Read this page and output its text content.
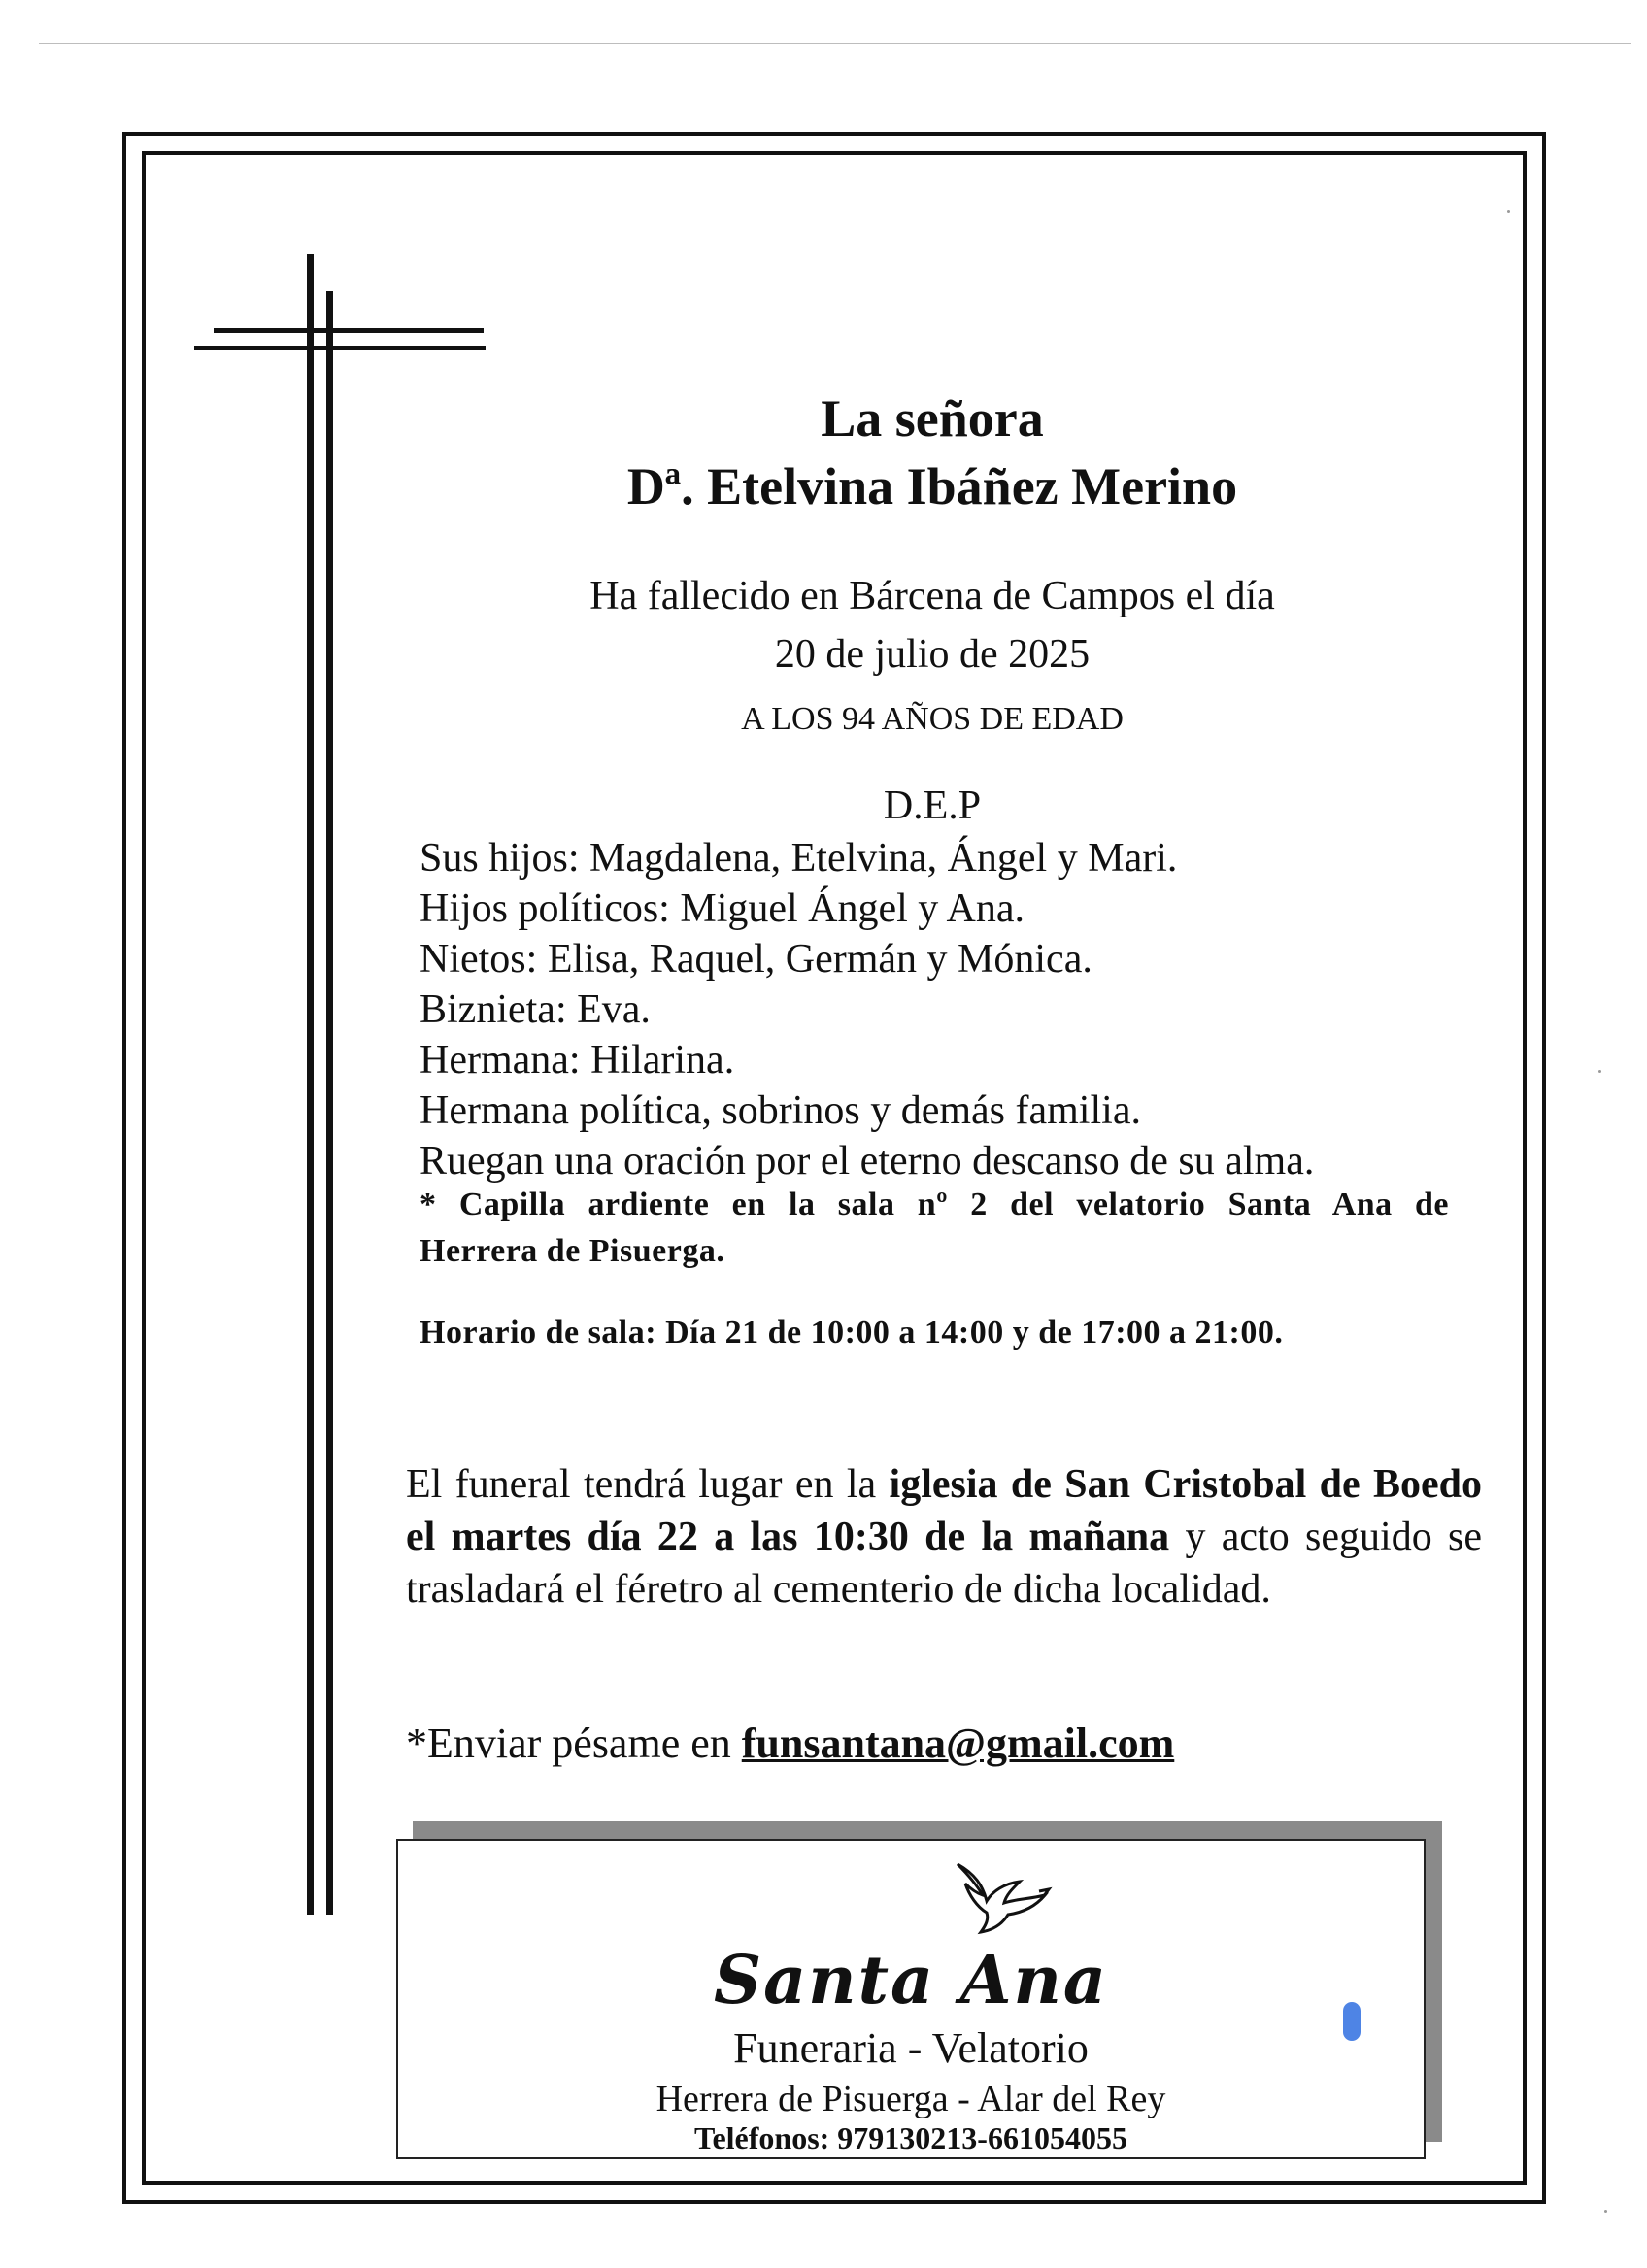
La señora
Dª. Etelvina Ibáñez Merino
Ha fallecido en Bárcena de Campos el día
20 de julio de 2025
A LOS 94 AÑOS DE EDAD
D.E.P
Sus hijos: Magdalena, Etelvina, Ángel y Mari.
Hijos políticos: Miguel Ángel y Ana.
Nietos: Elisa, Raquel, Germán y Mónica.
Biznieta: Eva.
Hermana: Hilarina.
Hermana política, sobrinos y demás familia.
Ruegan una oración por el eterno descanso de su alma.
* Capilla ardiente en la sala nº 2 del velatorio Santa Ana de
Herrera de Pisuerga.
Horario de sala: Día 21 de 10:00 a 14:00 y de 17:00 a 21:00.
El funeral tendrá lugar en la iglesia de San Cristobal de Boedo el martes día 22 a las 10:30 de la mañana y acto seguido se trasladará el féretro al cementerio de dicha localidad.
*Enviar pésame en funsantana@gmail.com
Santa Ana
Funeraria - Velatorio
Herrera de Pisuerga - Alar del Rey
Teléfonos: 979130213-661054055
